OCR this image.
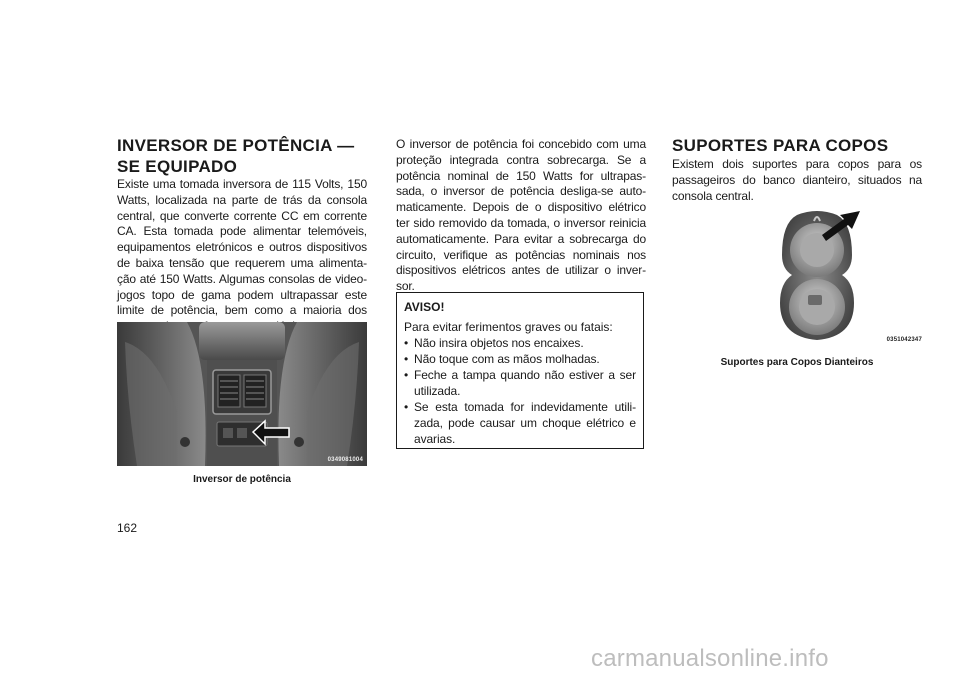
INVERSOR DE POTÊNCIA —
SE EQUIPADO

Existe uma tomada inversora de 115 Volts, 150 Watts, localizada na parte de trás da consola central, que converte corrente CC em corrente CA. Esta tomada pode alimentar telemóveis, equipamentos eletrónicos e outros dispositivos de baixa tensão que requerem uma alimenta-ção até 150 Watts. Algumas consolas de video-jogos topo de gama podem ultrapassar este limite de potência, bem como a maioria dos

0349081004
Inversor de potência

O inversor de potência foi concebido com uma proteção integrada contra sobrecarga. Se a potência nominal de 150 Watts for ultrapas-sada, o inversor de potência desliga-se auto-maticamente. Depois de o dispositivo elétrico ter sido removido da tomada, o inversor reinicia automaticamente. Para evitar a sobrecarga do circuito, verifique as potências nominais nos dispositivos elétricos antes de utilizar o inver-sor.

AVISO!

Para evitar ferimentos graves ou fatais:

• Não insira objetos nos encaixes.
• Não toque com as mãos molhadas.
• Feche a tampa quando não estiver a ser utilizada.
• Se esta tomada for indevidamente utili-zada, pode causar um choque elétrico e avarias.
SUPORTES PARA COPOS

Existem dois suportes para copos para os passageiros do banco dianteiro, situados na consola central.

0351042347
Suportes para Copos Dianteiros
162
carmanualsonline.info
